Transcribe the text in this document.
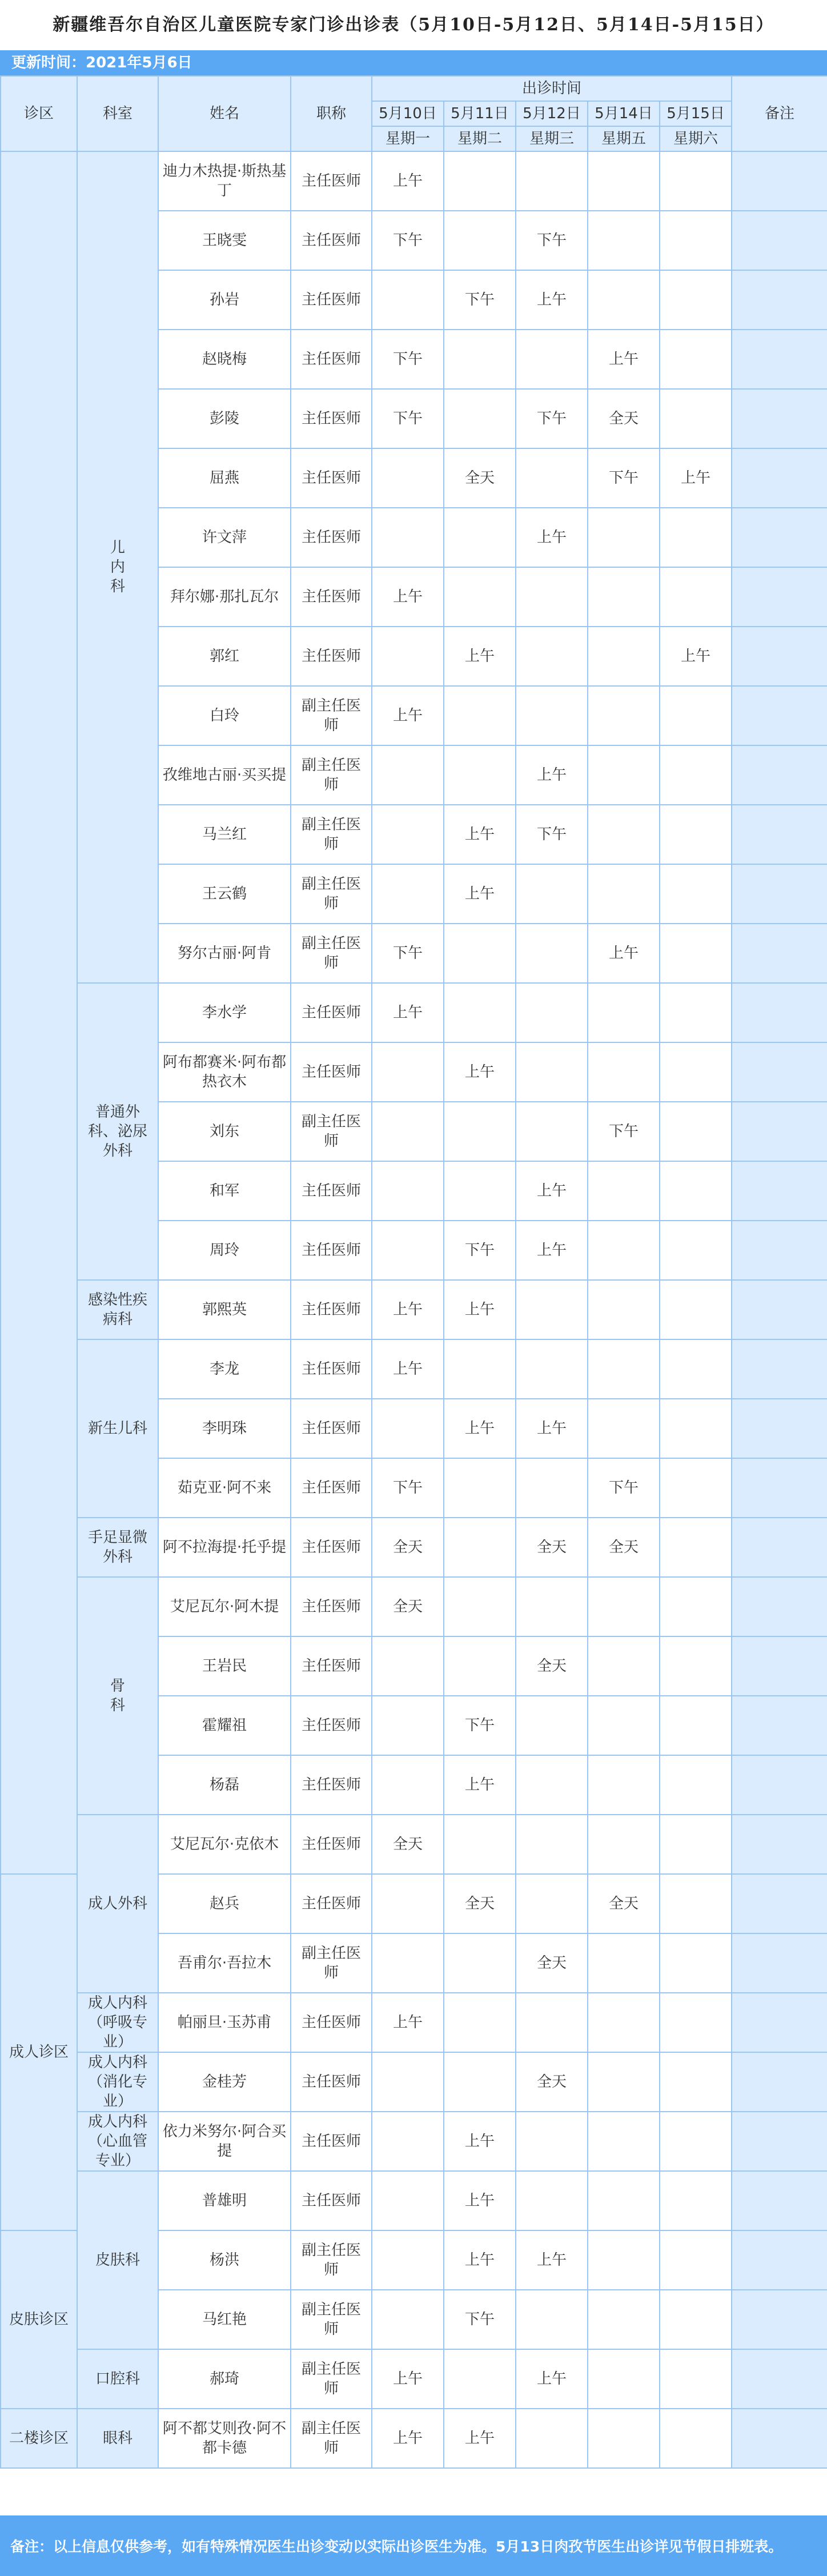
新疆维吾尔自治区儿童医院专家门诊出诊表（5月10日-5月12日、5月14日-5月15日）
更新时间：2021年5月6日
诊区	科室	姓名	职称	出诊时间					备注
				5月10日	5月11日	5月12日	5月14日	5月15日	
				星期一	星期二	星期三	星期五	星期六	
	儿
内
科	迪力木热提·斯热基丁	主任医师	上午					
		王晓雯	主任医师	下午		下午			
		孙岩	主任医师		下午	上午			
		赵晓梅	主任医师	下午			上午		
		彭陵	主任医师	下午		下午	全天		
		屈燕	主任医师		全天		下午	上午	
		许文萍	主任医师			上午			
		拜尔娜·那扎瓦尔	主任医师	上午					
		郭红	主任医师		上午			上午	
		白玲	副主任医师	上午					
		孜维地古丽·买买提	副主任医师			上午			
		马兰红	副主任医师		上午	下午			
		王云鹤	副主任医师		上午				
		努尔古丽·阿肯	副主任医师	下午			上午		
	普通外科、泌尿外科	李水学	主任医师	上午					
		阿布都赛米·阿布都热衣木	主任医师		上午				
		刘东	副主任医师				下午		
		和军	主任医师			上午			
		周玲	主任医师		下午	上午			
	感染性疾病科	郭熙英	主任医师	上午	上午				
	新生儿科	李龙	主任医师	上午					
		李明珠	主任医师		上午	上午			
		茹克亚·阿不来	主任医师	下午			下午		
	手足显微外科	阿不拉海提·托乎提	主任医师	全天		全天	全天		
	骨
科	艾尼瓦尔·阿木提	主任医师	全天					
		王岩民	主任医师			全天			
		霍耀祖	主任医师		下午				
		杨磊	主任医师		上午				
	成人外科	艾尼瓦尔·克依木	主任医师	全天					
成人诊区		赵兵	主任医师		全天		全天		
		吾甫尔·吾拉木	副主任医师			全天			
	成人内科（呼吸专业）	帕丽旦·玉苏甫	主任医师	上午					
	成人内科（消化专业）	金桂芳	主任医师			全天			
	成人内科（心血管专业）	依力米努尔·阿合买提	主任医师		上午				
	皮肤科	普雄明	主任医师		上午				
皮肤诊区		杨洪	副主任医师		上午	上午			
		马红艳	副主任医师		下午				
	口腔科	郝琦	副主任医师	上午		上午			
二楼诊区	眼科	阿不都艾则孜·阿不都卡德	副主任医师	上午	上午				
备注：以上信息仅供参考，如有特殊情况医生出诊变动以实际出诊医生为准。5月13日肉孜节医生出诊详见节假日排班表。
